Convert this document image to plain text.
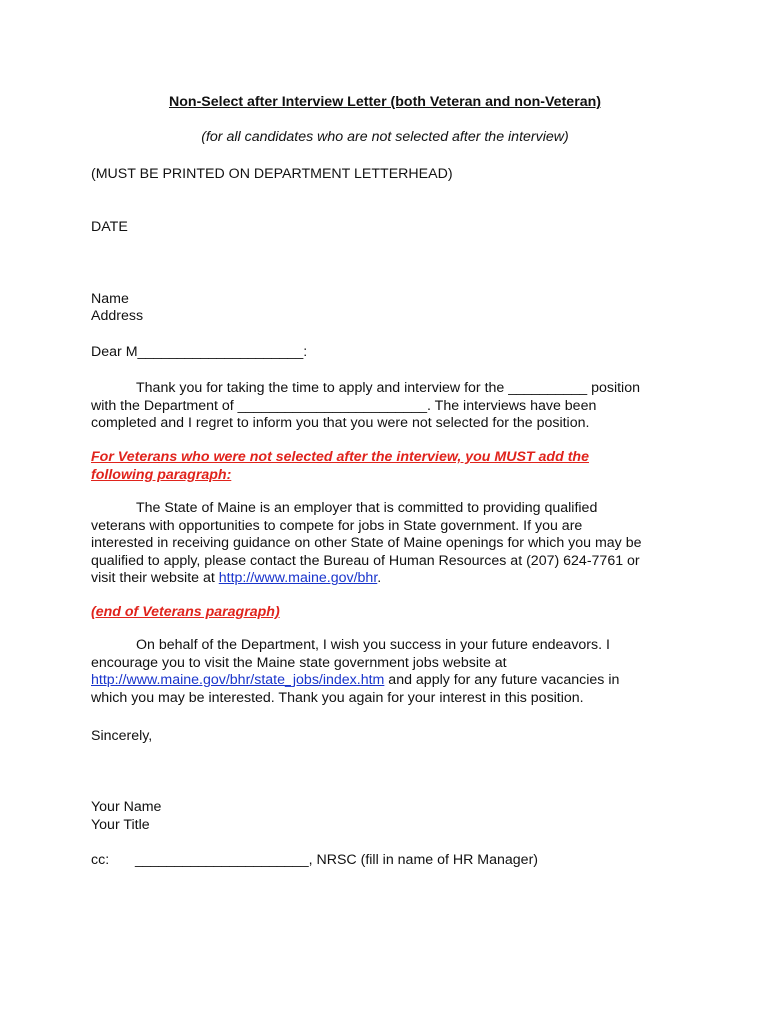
Non-Select after Interview Letter (both Veteran and non-Veteran)
(for all candidates who are not selected after the interview)
(MUST BE PRINTED ON DEPARTMENT LETTERHEAD)
DATE
Name
Address
Dear M_____________________:
Thank you for taking the time to apply and interview for the __________ position
with the Department of ________________________. The interviews have been
completed and I regret to inform you that you were not selected for the position.
For Veterans who were not selected after the interview, you MUST add the
following paragraph:
The State of Maine is an employer that is committed to providing qualified
veterans with opportunities to compete for jobs in State government. If you are
interested in receiving guidance on other State of Maine openings for which you may be
qualified to apply, please contact the Bureau of Human Resources at (207) 624-7761 or
visit their website at http://www.maine.gov/bhr.
(end of Veterans paragraph)
On behalf of the Department, I wish you success in your future endeavors. I
encourage you to visit the Maine state government jobs website at
http://www.maine.gov/bhr/state_jobs/index.htm and apply for any future vacancies in
which you may be interested. Thank you again for your interest in this position.
Sincerely,
Your Name
Your Title
cc: ______________________, NRSC (fill in name of HR Manager)
